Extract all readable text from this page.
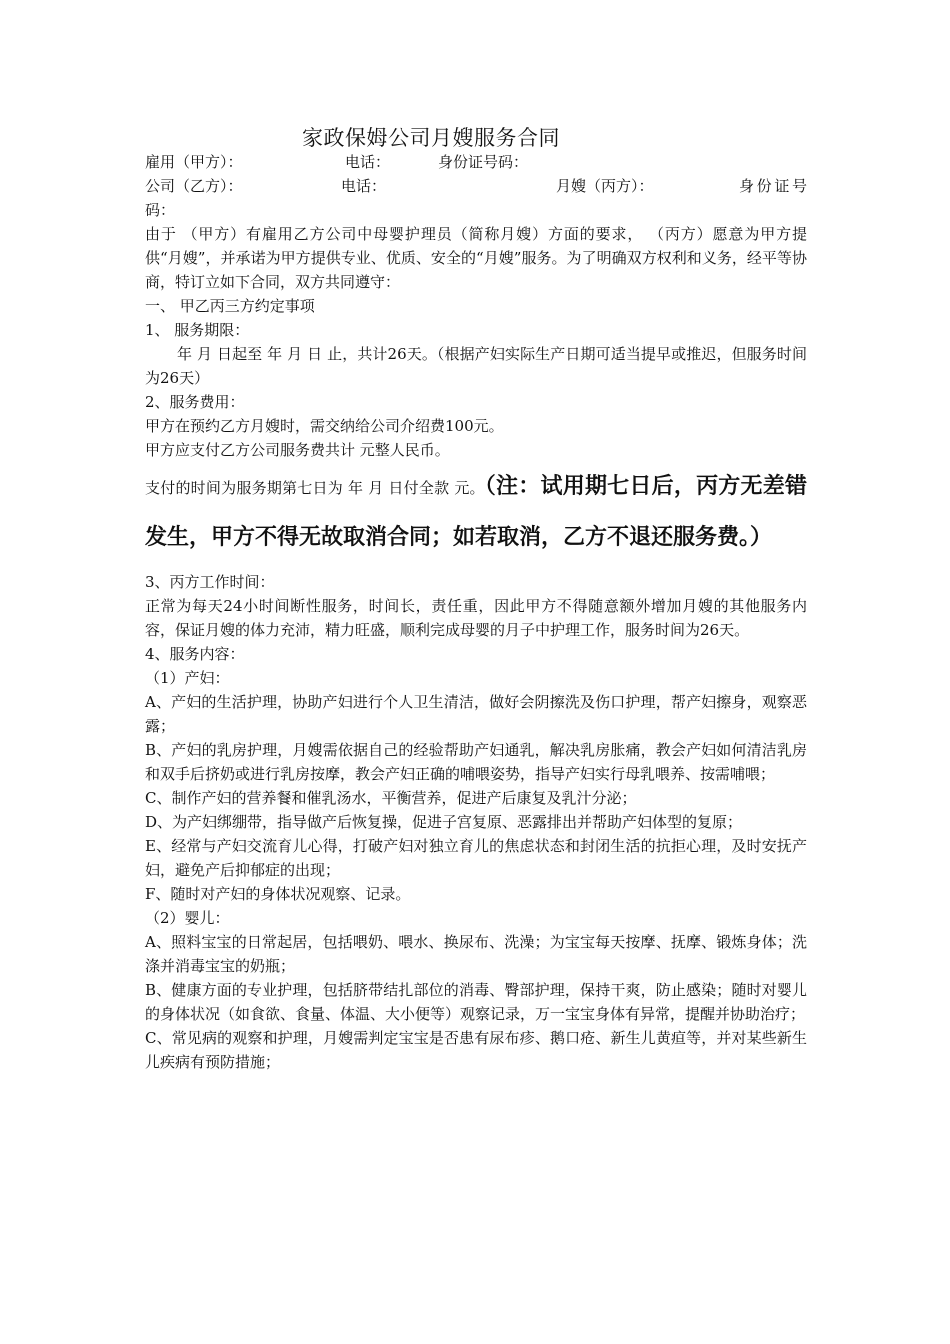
家政保姆公司月嫂服务合同
雇用（甲方）：	电话：	身份证号码：
公司（乙方）：	电话：	月嫂（丙方）：	身份证号码：

由于 （甲方）有雇用乙方公司中母婴护理员（简称月嫂）方面的要求， （丙方）愿意为甲方提供“月嫂”，并承诺为甲方提供专业、优质、安全的“月嫂”服务。为了明确双方权利和义务，经平等协商，特订立如下合同，双方共同遵守：

一、 甲乙丙三方约定事项

1、 服务期限：

年 月 日起至 年 月 日 止，共计26天。（根据产妇实际生产日期可适当提早或推迟，但服务时间为26天）

2、服务费用：

甲方在预约乙方月嫂时，需交纳给公司介绍费100元。

甲方应支付乙方公司服务费共计 元整人民币。

支付的时间为服务期第七日为 年 月 日付全款 元。（注：试用期七日后，丙方无差错发生，甲方不得无故取消合同；如若取消，乙方不退还服务费。）

3、丙方工作时间：

正常为每天24小时间断性服务，时间长，责任重，因此甲方不得随意额外增加月嫂的其他服务内容，保证月嫂的体力充沛，精力旺盛，顺利完成母婴的月子中护理工作，服务时间为26天。

4、服务内容：

（1）产妇：

A、产妇的生活护理，协助产妇进行个人卫生清洁，做好会阴擦洗及伤口护理，帮产妇擦身，观察恶露；

B、产妇的乳房护理，月嫂需依据自己的经验帮助产妇通乳，解决乳房胀痛，教会产妇如何清洁乳房和双手后挤奶或进行乳房按摩，教会产妇正确的哺喂姿势，指导产妇实行母乳喂养、按需哺喂；

C、制作产妇的营养餐和催乳汤水，平衡营养，促进产后康复及乳汁分泌；

D、为产妇绑绷带，指导做产后恢复操，促进子宫复原、恶露排出并帮助产妇体型的复原；

E、经常与产妇交流育儿心得，打破产妇对独立育儿的焦虑状态和封闭生活的抗拒心理，及时安抚产妇，避免产后抑郁症的出现；

F、随时对产妇的身体状况观察、记录。

（2）婴儿：

A、照料宝宝的日常起居，包括喂奶、喂水、换尿布、洗澡；为宝宝每天按摩、抚摩、锻炼身体；洗涤并消毒宝宝的奶瓶；

B、健康方面的专业护理，包括脐带结扎部位的消毒、臀部护理，保持干爽，防止感染；随时对婴儿的身体状况（如食欲、食量、体温、大小便等）观察记录，万一宝宝身体有异常，提醒并协助治疗；

C、常见病的观察和护理，月嫂需判定宝宝是否患有尿布疹、鹅口疮、新生儿黄疸等，并对某些新生儿疾病有预防措施；
